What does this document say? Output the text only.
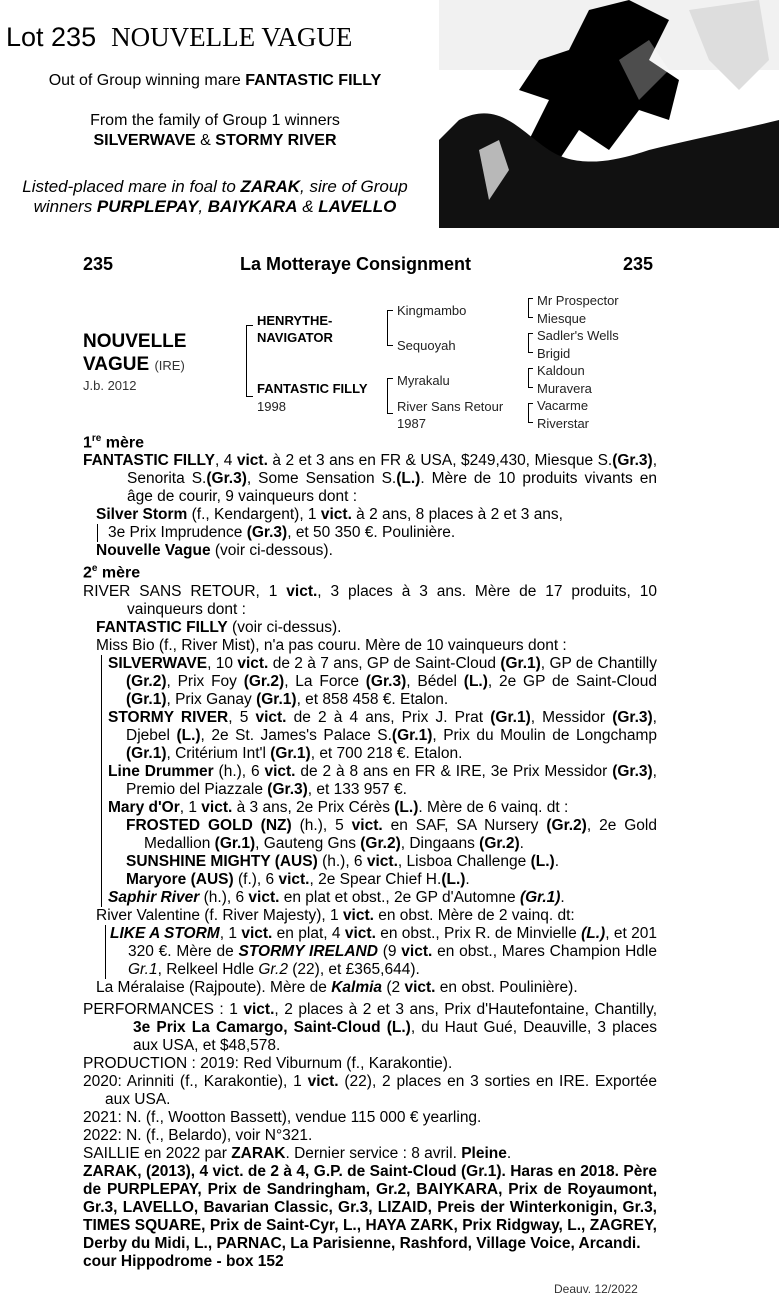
Lot 235 NOUVELLE VAGUE
Out of Group winning mare FANTASTIC FILLY
From the family of Group 1 winners
SILVERWAVE & STORMY RIVER
Listed-placed mare in foal to ZARAK, sire of Group
winners PURPLEPAY, BAIYKARA & LAVELLO
235	La Motteraye Consignment	235
NOUVELLE
VAGUE (IRE)
J.b. 2012
HENRYTHE-
NAVIGATOR
FANTASTIC FILLY
1998
Kingmambo
Sequoyah
Myrakalu
River Sans Retour
1987
Mr Prospector
Miesque
Sadler's Wells
Brigid
Kaldoun
Muravera
Vacarme
Riverstar

1re mère

FANTASTIC FILLY, 4 vict. à 2 et 3 ans en FR & USA, $249,430, Miesque S.(Gr.3), Senorita S.(Gr.3), Some Sensation S.(L.). Mère de 10 produits vivants en âge de courir, 9 vainqueurs dont :

Silver Storm (f., Kendargent), 1 vict. à 2 ans, 8 places à 2 et 3 ans,

3e Prix Imprudence (Gr.3), et 50 350 €. Poulinière.

Nouvelle Vague (voir ci-dessous).

2e mère

RIVER SANS RETOUR, 1 vict., 3 places à 3 ans. Mère de 17 produits, 10 vainqueurs dont :

FANTASTIC FILLY (voir ci-dessus).

Miss Bio (f., River Mist), n'a pas couru. Mère de 10 vainqueurs dont :

SILVERWAVE, 10 vict. de 2 à 7 ans, GP de Saint-Cloud (Gr.1), GP de Chantilly (Gr.2), Prix Foy (Gr.2), La Force (Gr.3), Bédel (L.), 2e GP de Saint-Cloud (Gr.1), Prix Ganay (Gr.1), et 858 458 €. Etalon.

STORMY RIVER, 5 vict. de 2 à 4 ans, Prix J. Prat (Gr.1), Messidor (Gr.3), Djebel (L.), 2e St. James's Palace S.(Gr.1), Prix du Moulin de Longchamp (Gr.1), Critérium Int'l (Gr.1), et 700 218 €. Etalon.

Line Drummer (h.), 6 vict. de 2 à 8 ans en FR & IRE, 3e Prix Messidor (Gr.3), Premio del Piazzale (Gr.3), et 133 957 €.

Mary d'Or, 1 vict. à 3 ans, 2e Prix Cérès (L.). Mère de 6 vainq. dt :

FROSTED GOLD (NZ) (h.), 5 vict. en SAF, SA Nursery (Gr.2), 2e Gold Medallion (Gr.1), Gauteng Gns (Gr.2), Dingaans (Gr.2).

SUNSHINE MIGHTY (AUS) (h.), 6 vict., Lisboa Challenge (L.).

Maryore (AUS) (f.), 6 vict., 2e Spear Chief H.(L.).

Saphir River (h.), 6 vict. en plat et obst., 2e GP d'Automne (Gr.1).

River Valentine (f. River Majesty), 1 vict. en obst. Mère de 2 vainq. dt:

LIKE A STORM, 1 vict. en plat, 4 vict. en obst., Prix R. de Minvielle (L.), et 201 320 €. Mère de STORMY IRELAND (9 vict. en obst., Mares Champion Hdle Gr.1, Relkeel Hdle Gr.2 (22), et £365,644).

La Méralaise (Rajpoute). Mère de Kalmia (2 vict. en obst. Poulinière).

PERFORMANCES : 1 vict., 2 places à 2 et 3 ans, Prix d'Hautefontaine, Chantilly, 3e Prix La Camargo, Saint-Cloud (L.), du Haut Gué, Deauville, 3 places aux USA, et $48,578.

PRODUCTION : 2019: Red Viburnum (f., Karakontie).

2020: Arinniti (f., Karakontie), 1 vict. (22), 2 places en 3 sorties en IRE. Exportée aux USA.

2021: N. (f., Wootton Bassett), vendue 115 000 € yearling.

2022: N. (f., Belardo), voir N°321.

SAILLIE en 2022 par ZARAK. Dernier service : 8 avril. Pleine.

ZARAK, (2013), 4 vict. de 2 à 4, G.P. de Saint-Cloud (Gr.1). Haras en 2018. Père de PURPLEPAY, Prix de Sandringham, Gr.2, BAIYKARA, Prix de Royaumont, Gr.3, LAVELLO, Bavarian Classic, Gr.3, LIZAID, Preis der Winterkonigin, Gr.3, TIMES SQUARE, Prix de Saint-Cyr, L., HAYA ZARK, Prix Ridgway, L., ZAGREY, Derby du Midi, L., PARNAC, La Parisienne, Rashford, Village Voice, Arcandi.

cour Hippodrome - box 152

Deauv. 12/2022
